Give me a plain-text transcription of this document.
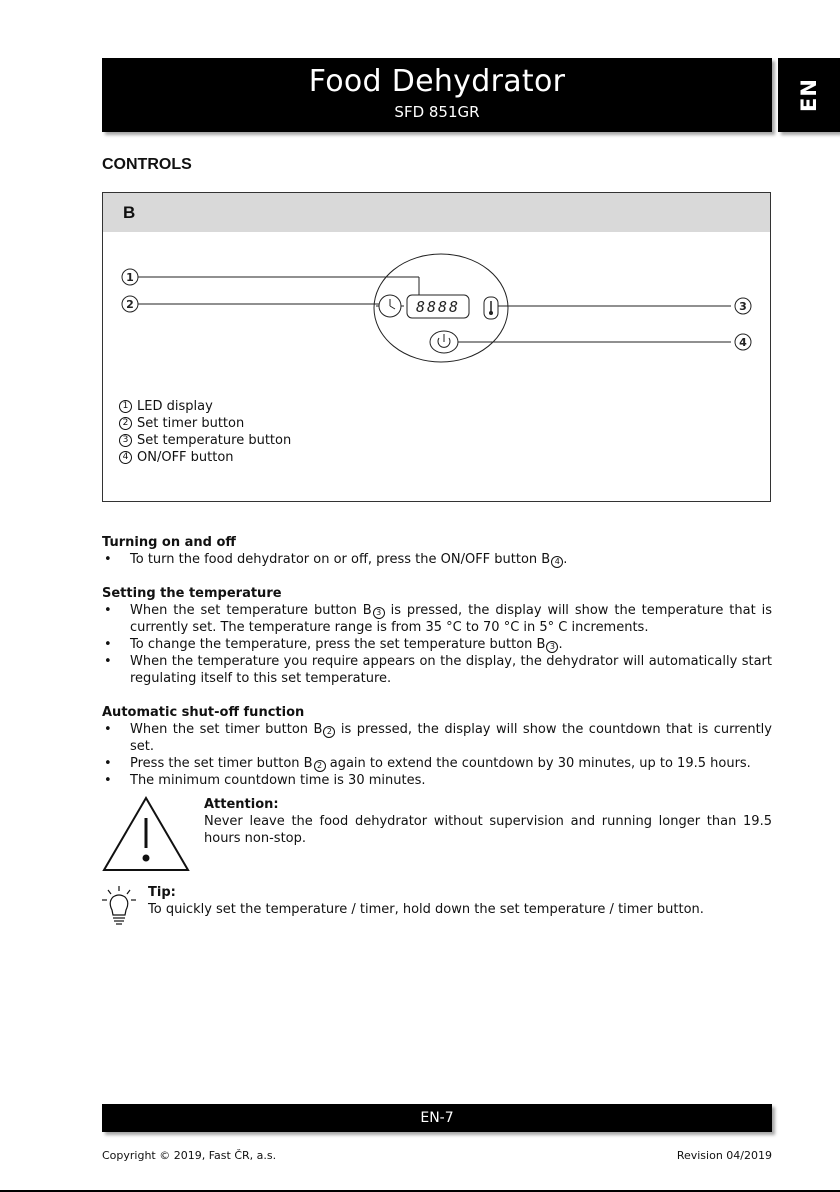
Food Dehydrator
SFD 851GR
EN
CONTROLS
B
8888
1
2	3
4
1 LED display
2 Set timer button
3 Set temperature button
4 ON/OFF button
Turning on and off
• To turn the food dehydrator on or off, press the ON/OFF button B 4 .
Setting the temperature
• When the set temperature button B 3 is pressed, the display will show the temperature that is currently set. The temperature range is from 35 °C to 70 °C in 5° C increments.
• To change the temperature, press the set temperature button B 3 .
• When the temperature you require appears on the display, the dehydrator will automatically start regulating itself to this set temperature.
Automatic shut-off function
• When the set timer button B 2 is pressed, the display will show the countdown that is currently set.
• Press the set timer button B 2 again to extend the countdown by 30 minutes, up to 19.5 hours.
• The minimum countdown time is 30 minutes.
Attention:
Never leave the food dehydrator without supervision and running longer than 19.5 hours non-stop.
Tip:
To quickly set the temperature / timer, hold down the set temperature / timer button.
EN-7
Copyright © 2019, Fast ČR, a.s.	Revision 04/2019
